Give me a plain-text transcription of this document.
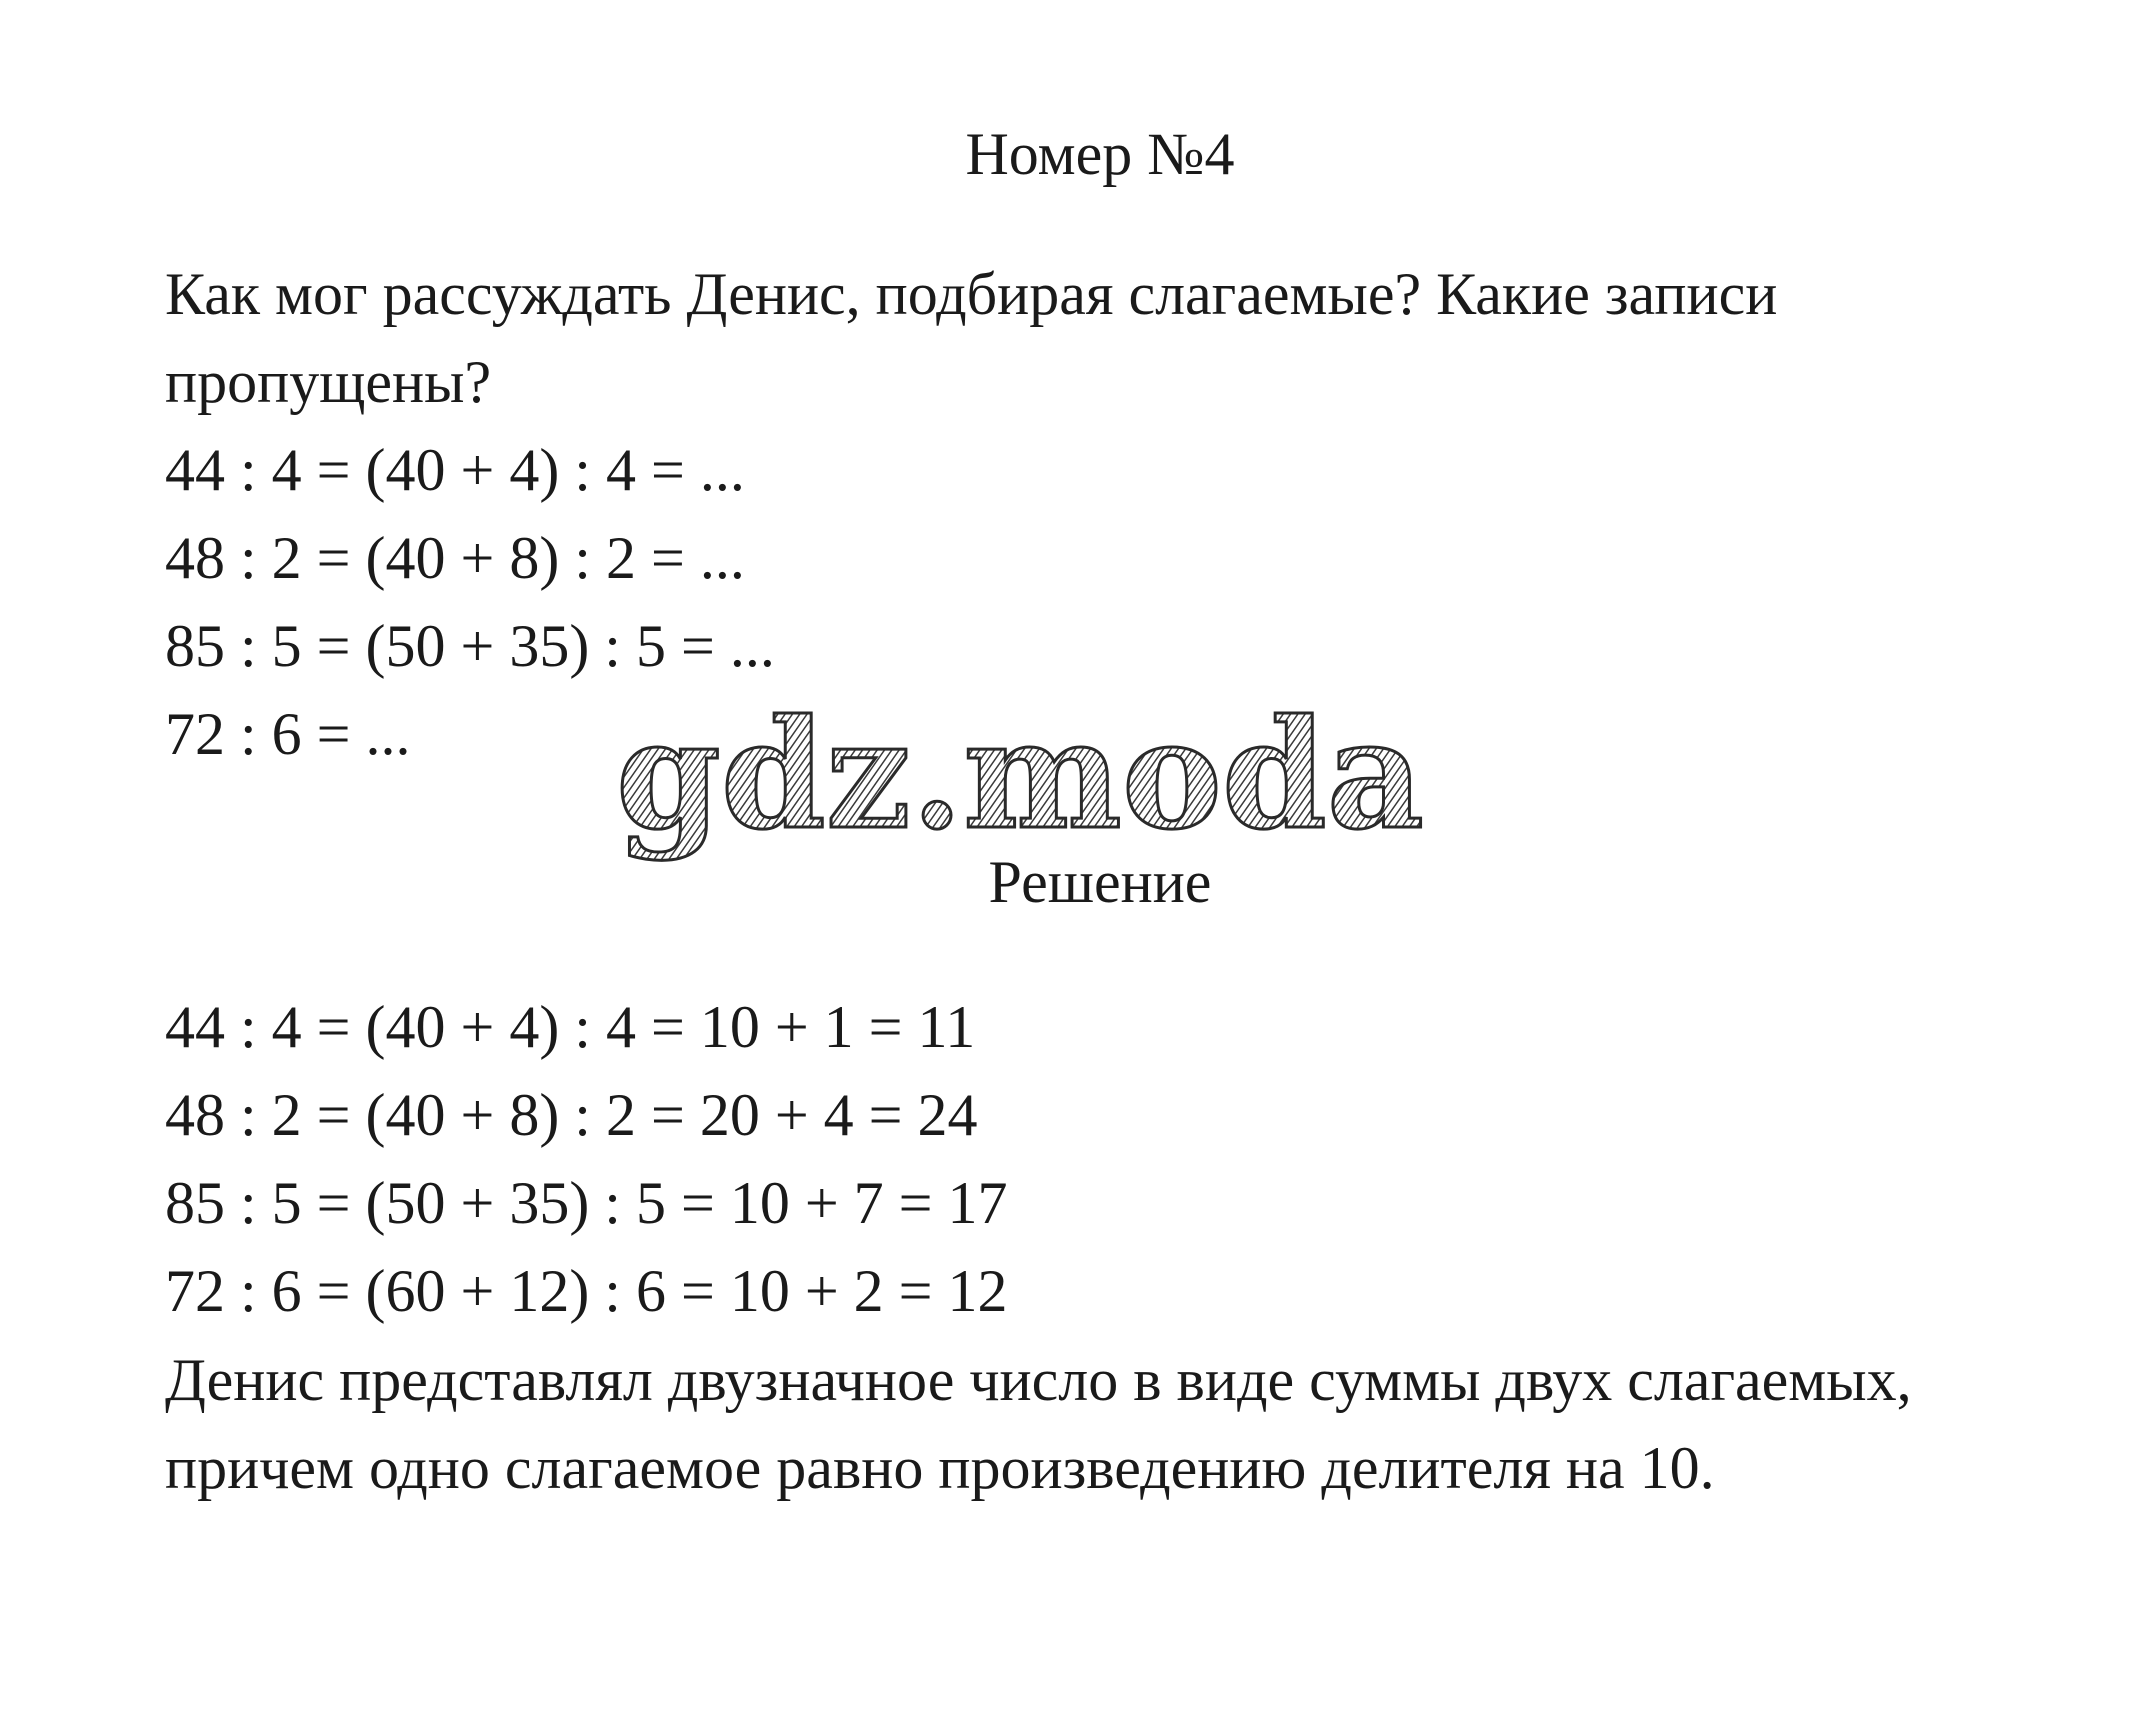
Номер №4
Как мог рассуждать Денис, подбирая слагаемые? Какие записи
пропущены?
44 : 4 = (40 + 4) : 4 = ...
48 : 2 = (40 + 8) : 2 = ...
85 : 5 = (50 + 35) : 5 = ...
72 : 6 = ... gdz.moda
Решение
44 : 4 = (40 + 4) : 4 = 10 + 1 = 11
48 : 2 = (40 + 8) : 2 = 20 + 4 = 24
85 : 5 = (50 + 35) : 5 = 10 + 7 = 17
72 : 6 = (60 + 12) : 6 = 10 + 2 = 12
Денис представлял двузначное число в виде суммы двух слагаемых,
причем одно слагаемое равно произведению делителя на 10.
